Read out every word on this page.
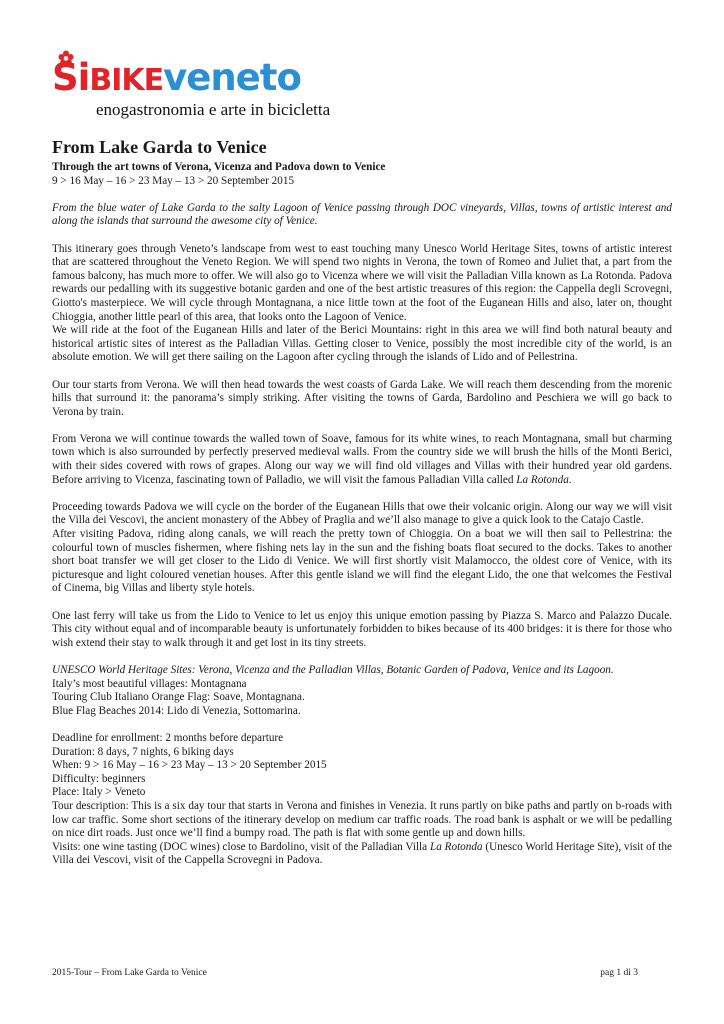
SiBIKEveneto
enogastronomia e arte in bicicletta
From Lake Garda to Venice

Through the art towns of Verona, Vicenza and Padova down to Venice

9 > 16 May – 16 > 23 May – 13 > 20 September 2015

From the blue water of Lake Garda to the salty Lagoon of Venice passing through DOC vineyards, Villas, towns of artistic interest and along the islands that surround the awesome city of Venice.

This itinerary goes through Veneto’s landscape from west to east touching many Unesco World Heritage Sites, towns of artistic interest that are scattered throughout the Veneto Region. We will spend two nights in Verona, the town of Romeo and Juliet that, a part from the famous balcony, has much more to offer. We will also go to Vicenza where we will visit the Palladian Villa known as La Rotonda. Padova rewards our pedalling with its suggestive botanic garden and one of the best artistic treasures of this region: the Cappella degli Scrovegni, Giotto's masterpiece. We will cycle through Montagnana, a nice little town at the foot of the Euganean Hills and also, later on, thought Chioggia, another little pearl of this area, that looks onto the Lagoon of Venice.

We will ride at the foot of the Euganean Hills and later of the Berici Mountains: right in this area we will find both natural beauty and historical artistic sites of interest as the Palladian Villas. Getting closer to Venice, possibly the most incredible city of the world, is an absolute emotion. We will get there sailing on the Lagoon after cycling through the islands of Lido and of Pellestrina.

Our tour starts from Verona. We will then head towards the west coasts of Garda Lake. We will reach them descending from the morenic hills that surround it: the panorama’s simply striking. After visiting the towns of Garda, Bardolino and Peschiera we will go back to Verona by train.

From Verona we will continue towards the walled town of Soave, famous for its white wines, to reach Montagnana, small but charming town which is also surrounded by perfectly preserved medieval walls. From the country side we will brush the hills of the Monti Berici, with their sides covered with rows of grapes. Along our way we will find old villages and Villas with their hundred year old gardens. Before arriving to Vicenza, fascinating town of Palladio, we will visit the famous Palladian Villa called La Rotonda.

Proceeding towards Padova we will cycle on the border of the Euganean Hills that owe their volcanic origin. Along our way we will visit the Villa dei Vescovi, the ancient monastery of the Abbey of Praglia and we’ll also manage to give a quick look to the Catajo Castle.

After visiting Padova, riding along canals, we will reach the pretty town of Chioggia. On a boat we will then sail to Pellestrina: the colourful town of muscles fishermen, where fishing nets lay in the sun and the fishing boats float secured to the docks. Takes to another short boat transfer we will get closer to the Lido di Venice. We will first shortly visit Malamocco, the oldest core of Venice, with its picturesque and light coloured venetian houses. After this gentle island we will find the elegant Lido, the one that welcomes the Festival of Cinema, big Villas and liberty style hotels.

One last ferry will take us from the Lido to Venice to let us enjoy this unique emotion passing by Piazza S. Marco and Palazzo Ducale. This city without equal and of incomparable beauty is unfortunately forbidden to bikes because of its 400 bridges: it is there for those who wish extend their stay to walk through it and get lost in its tiny streets.

UNESCO World Heritage Sites: Verona, Vicenza and the Palladian Villas, Botanic Garden of Padova, Venice and its Lagoon.

Italy’s most beautiful villages: Montagnana

Touring Club Italiano Orange Flag: Soave, Montagnana.

Blue Flag Beaches 2014: Lido di Venezia, Sottomarina.

Deadline for enrollment: 2 months before departure

Duration: 8 days, 7 nights, 6 biking days

When: 9 > 16 May – 16 > 23 May – 13 > 20 September 2015

Difficulty: beginners

Place: Italy > Veneto

Tour description: This is a six day tour that starts in Verona and finishes in Venezia. It runs partly on bike paths and partly on b-roads with low car traffic. Some short sections of the itinerary develop on medium car traffic roads. The road bank is asphalt or we will be pedalling on nice dirt roads. Just once we’ll find a bumpy road. The path is flat with some gentle up and down hills.

Visits: one wine tasting (DOC wines) close to Bardolino, visit of the Palladian Villa La Rotonda (Unesco World Heritage Site), visit of the Villa dei Vescovi, visit of the Cappella Scrovegni in Padova.

2015-Tour – From Lake Garda to Venice	pag 1 di 3
